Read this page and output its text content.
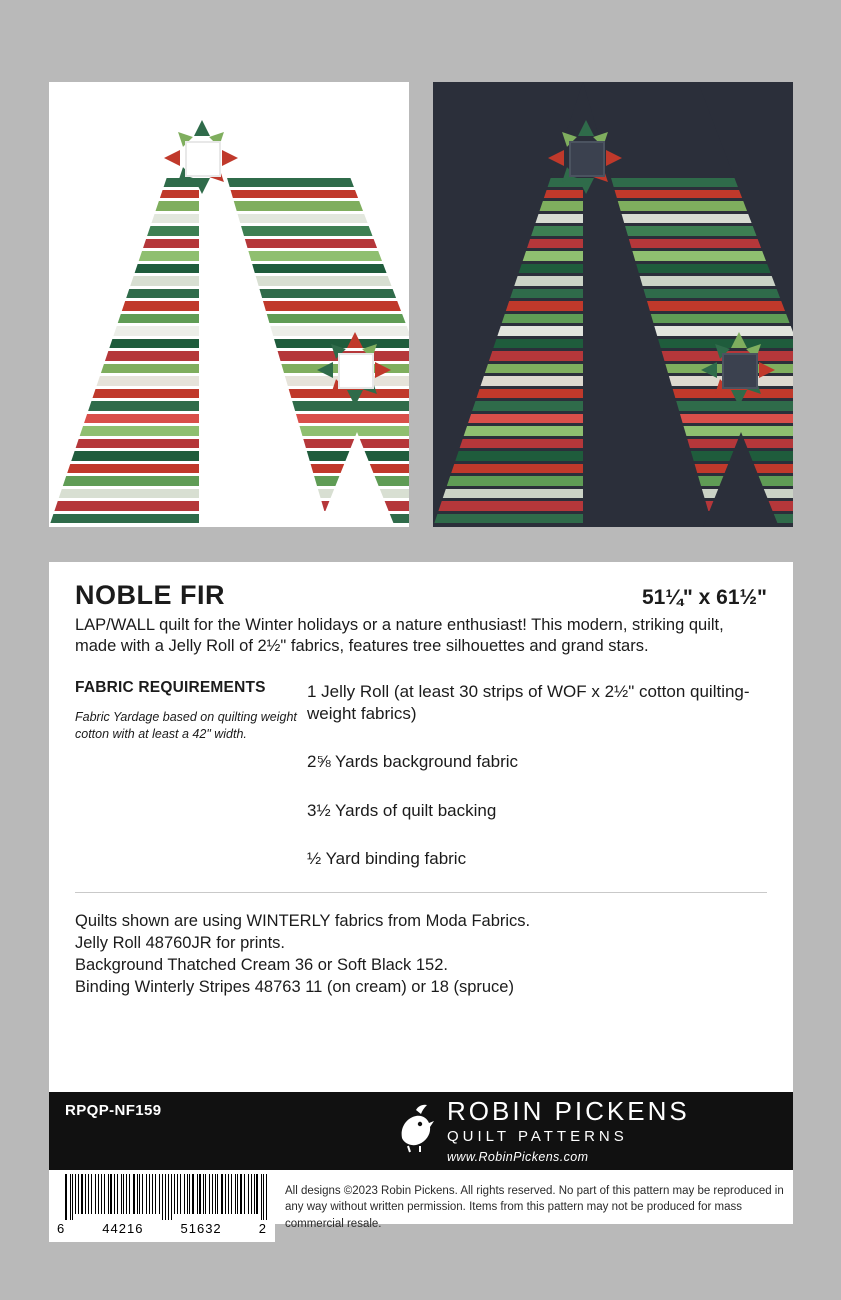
NOBLE FIR	51¼" x 61½"
LAP/WALL quilt for the Winter holidays or a nature enthusiast! This modern, striking quilt, made with a Jelly Roll of 2½" fabrics, features tree silhouettes and grand stars.
FABRIC REQUIREMENTS
Fabric Yardage based on quilting weight cotton with at least a 42" width.
1 Jelly Roll (at least 30 strips of WOF x 2½" cotton quilting-weight fabrics)
2⅝ Yards background fabric
3½ Yards of quilt backing
½ Yard binding fabric
Quilts shown are using WINTERLY fabrics from Moda Fabrics.
Jelly Roll 48760JR for prints.
Background Thatched Cream 36 or Soft Black 152.
Binding Winterly Stripes 48763 11 (on cream) or 18 (spruce)
RPQP-NF159	ROBIN PICKENS
QUILT PATTERNS
www.RobinPickens.com
6	44216	51632	2
All designs ©2023 Robin Pickens. All rights reserved. No part of this pattern may be reproduced in any way without written permission. Items from this pattern may not be produced for mass commercial resale.
